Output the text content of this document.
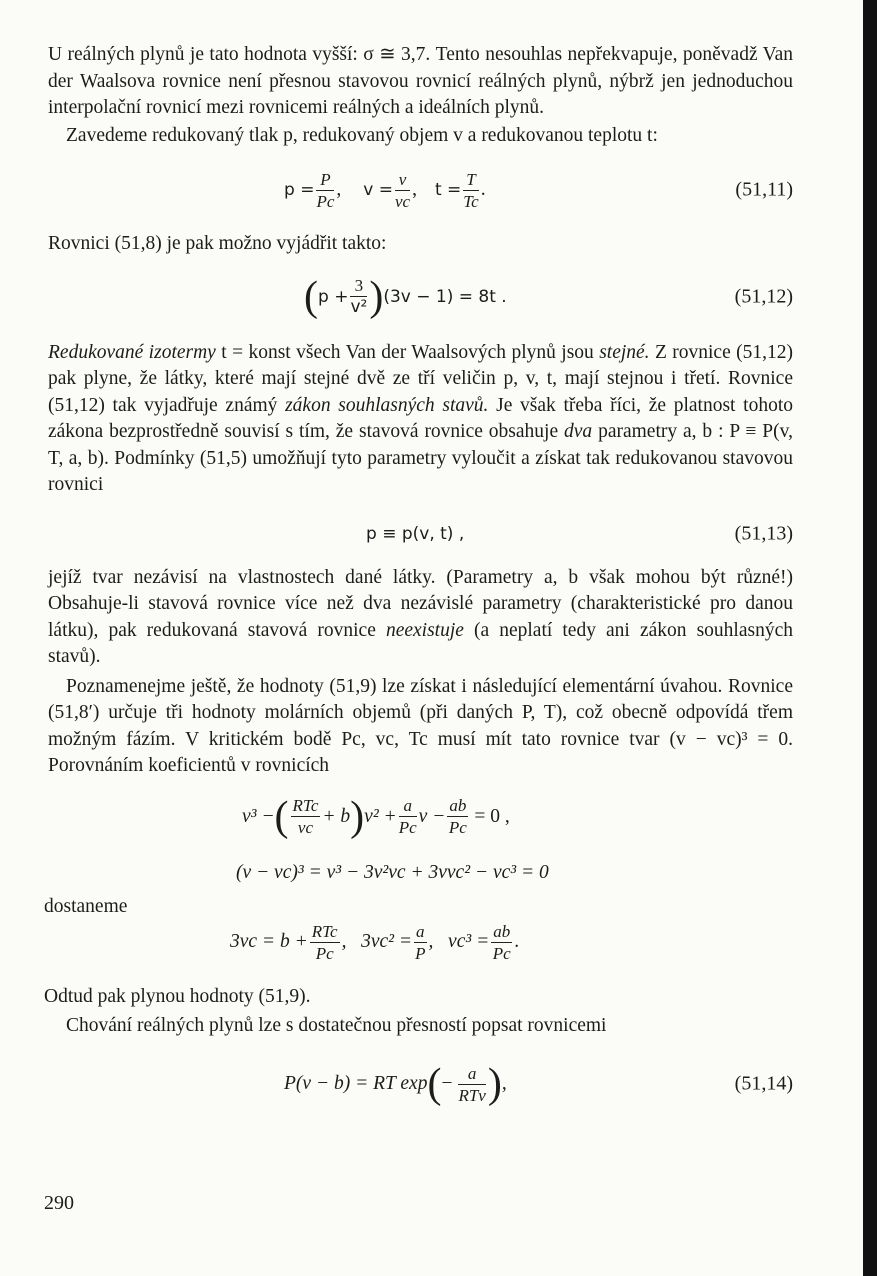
U reálných plynů je tato hodnota vyšší: σ ≅ 3,7. Tento nesouhlas nepřekvapuje, poněvadž Van der Waalsova rovnice není přesnou stavovou rovnicí reálných plynů, nýbrž jen jednoduchou interpolační rovnicí mezi rovnicemi reálných a ideálních plynů.

Zavedeme redukovaný tlak p, redukovaný objem v a redukovanou teplotu t:

$p = \frac{P}{Pc}$ , $v = \frac{v}{vc}$ , $t = \frac{T}{Tc}$ .	(51,11)

Rovnici (51,8) je pak možno vyjádřit takto:

( $p + \frac{3}{\text{v²}}$ ) (3v − 1) = 8t .	(51,12)

Redukované izotermy t = konst všech Van der Waalsových plynů jsou stejné. Z rovnice (51,12) pak plyne, že látky, které mají stejné dvě ze tří veličin p, v, t, mají stejnou i třetí. Rovnice (51,12) tak vyjadřuje známý zákon souhlasných stavů. Je však třeba říci, že platnost tohoto zákona bezprostředně souvisí s tím, že stavová rovnice obsahuje dva parametry a, b : P ≡ P(v, T, a, b). Podmínky (51,5) umožňují tyto parametry vyloučit a získat tak redukovanou stavovou rovnici

p ≡ p(v, t) ,	(51,13)

jejíž tvar nezávisí na vlastnostech dané látky. (Parametry a, b však mohou být různé!) Obsahuje-li stavová rovnice více než dva nezávislé parametry (charakteristické pro danou látku), pak redukovaná stavová rovnice neexistuje (a neplatí tedy ani zákon souhlasných stavů).

Poznamenejme ještě, že hodnoty (51,9) lze získat i následující elementární úvahou. Rovnice (51,8′) určuje tři hodnoty molárních objemů (při daných P, T), což obecně odpovídá třem možným fázím. V kritickém bodě Pc, vc, Tc musí mít tato rovnice tvar (v − vc)³ = 0. Porovnáním koeficientů v rovnicích

v³ − ( $\frac{\text{RTc}}{vc} + b$ ) $v^2 + \frac{a}{Pc}$ $v - \frac{ab}{Pc} = 0$ ,
(v − vc)³ = v³ − 3v²vc + 3vvc² − vc³ = 0

dostaneme

$3vc = b + \frac{\text{RTc}}{Pc}$ ,   $3vc^2 = \frac{a}{P}$ ,   $vc^3 = \frac{ab}{Pc}$ .

Odtud pak plynou hodnoty (51,9).

Chování reálných plynů lze s dostatečnou přesností popsat rovnicemi

P(v − b) = RT exp ( − $\frac{a}{\text{RTv}}$ ) ,	(51,14)
290
